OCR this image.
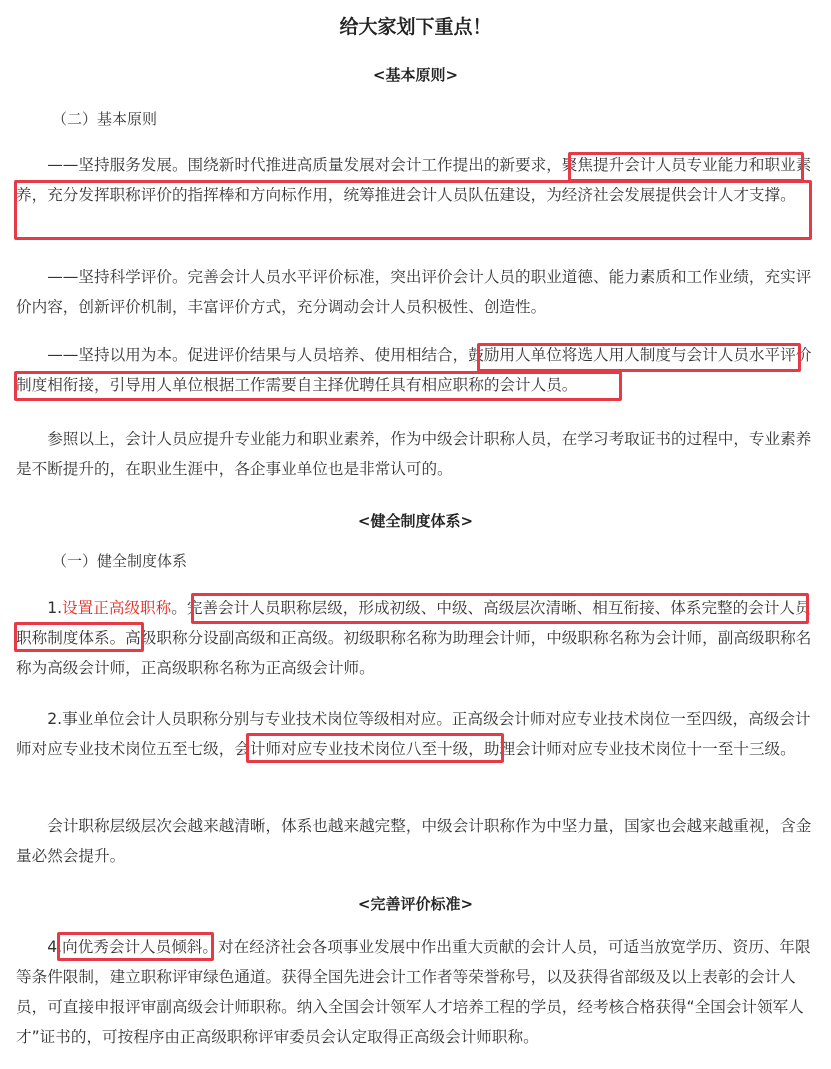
给大家划下重点！
<基本原则>
（二）基本原则
——坚持服务发展。围绕新时代推进高质量发展对会计工作提出的新要求，聚焦提升会计人员专业能力和职业素养，充分发挥职称评价的指挥棒和方向标作用，统筹推进会计人员队伍建设，为经济社会发展提供会计人才支撑。
——坚持科学评价。完善会计人员水平评价标准，突出评价会计人员的职业道德、能力素质和工作业绩，充实评价内容，创新评价机制，丰富评价方式，充分调动会计人员积极性、创造性。
——坚持以用为本。促进评价结果与人员培养、使用相结合，鼓励用人单位将选人用人制度与会计人员水平评价制度相衔接，引导用人单位根据工作需要自主择优聘任具有相应职称的会计人员。
参照以上，会计人员应提升专业能力和职业素养，作为中级会计职称人员，在学习考取证书的过程中，专业素养是不断提升的，在职业生涯中，各企事业单位也是非常认可的。
<健全制度体系>
（一）健全制度体系
1.设置正高级职称。完善会计人员职称层级，形成初级、中级、高级层次清晰、相互衔接、体系完整的会计人员职称制度体系。高级职称分设副高级和正高级。初级职称名称为助理会计师，中级职称名称为会计师，副高级职称名称为高级会计师，正高级职称名称为正高级会计师。
2.事业单位会计人员职称分别与专业技术岗位等级相对应。正高级会计师对应专业技术岗位一至四级，高级会计师对应专业技术岗位五至七级，会计师对应专业技术岗位八至十级，助理会计师对应专业技术岗位十一至十三级。
会计职称层级层次会越来越清晰，体系也越来越完整，中级会计职称作为中坚力量，国家也会越来越重视，含金量必然会提升。
<完善评价标准>
4.向优秀会计人员倾斜。对在经济社会各项事业发展中作出重大贡献的会计人员，可适当放宽学历、资历、年限等条件限制，建立职称评审绿色通道。获得全国先进会计工作者等荣誉称号，以及获得省部级及以上表彰的会计人员，可直接申报评审副高级会计师职称。纳入全国会计领军人才培养工程的学员，经考核合格获得“全国会计领军人才”证书的，可按程序由正高级职称评审委员会认定取得正高级会计师职称。
